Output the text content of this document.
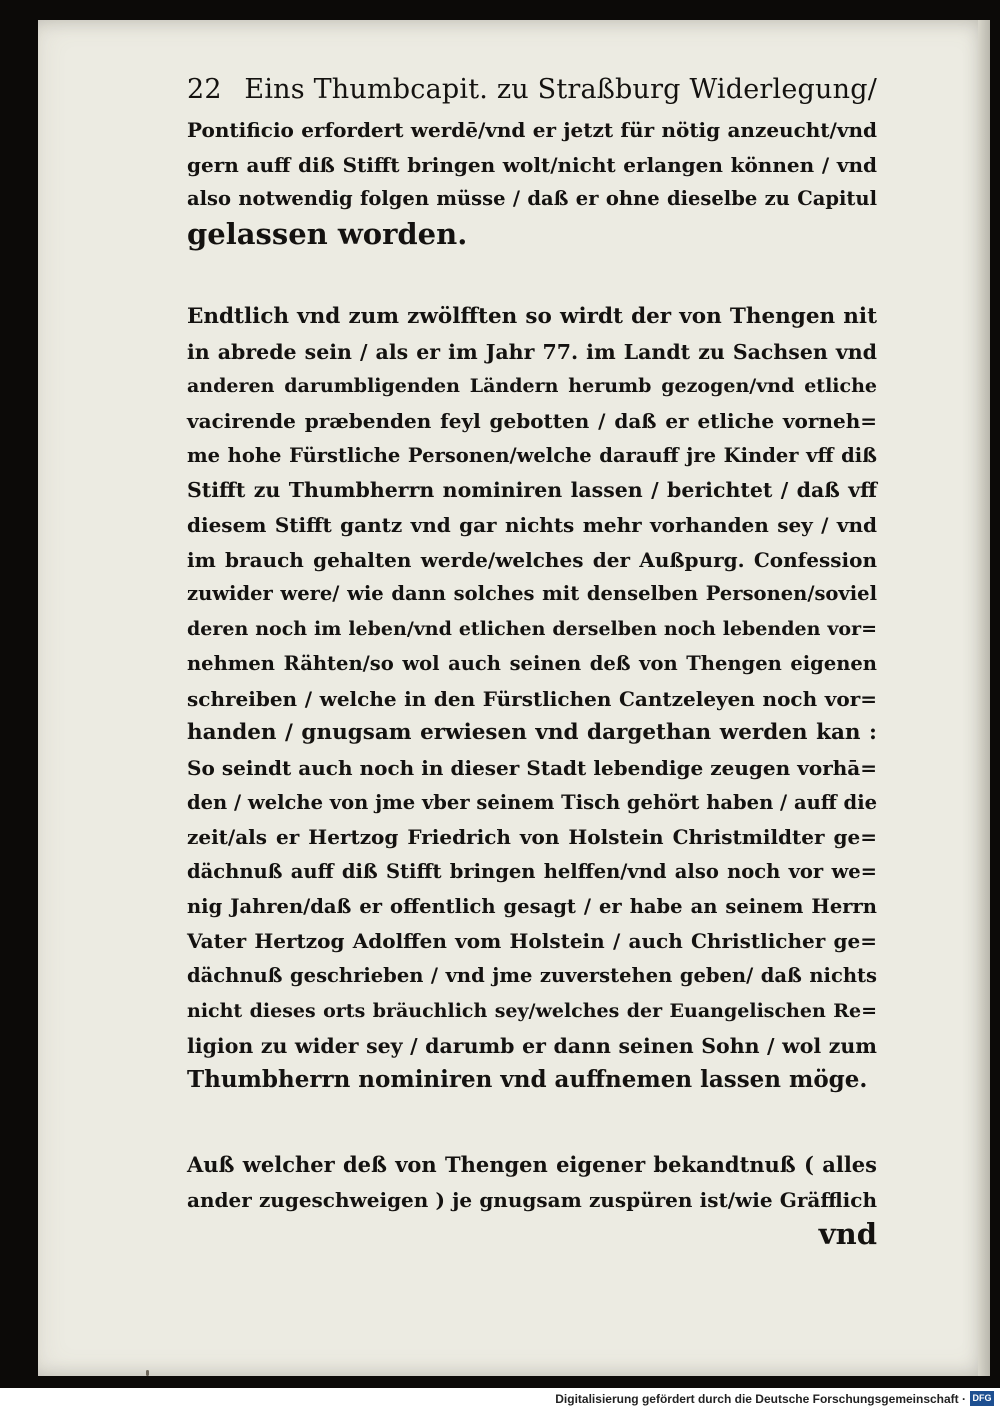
22 Eins Thumbcapit. zu Straßburg Widerlegung/
Pontificio erfordert werdē/vnd er jetzt für nötig anzeucht/vnd
gern auff diß Stifft bringen wolt/nicht erlangen können / vnd
also notwendig folgen müsse / daß er ohne dieselbe zu Capitul
gelassen worden.
Endtlich vnd zum zwölfften so wirdt der von Thengen nit
in abrede sein / als er im Jahr 77. im Landt zu Sachsen vnd
anderen darumbligenden Ländern herumb gezogen/vnd etliche
vacirende præbenden feyl gebotten / daß er etliche vorneh=
me hohe Fürstliche Personen/welche darauff jre Kinder vff diß
Stifft zu Thumbherrn nominiren lassen / berichtet / daß vff
diesem Stifft gantz vnd gar nichts mehr vorhanden sey / vnd
im brauch gehalten werde/welches der Außpurg. Confession
zuwider were/ wie dann solches mit denselben Personen/soviel
deren noch im leben/vnd etlichen derselben noch lebenden vor=
nehmen Rähten/so wol auch seinen deß von Thengen eigenen
schreiben / welche in den Fürstlichen Cantzeleyen noch vor=
handen / gnugsam erwiesen vnd dargethan werden kan :
So seindt auch noch in dieser Stadt lebendige zeugen vorhā=
den / welche von jme vber seinem Tisch gehört haben / auff die
zeit/als er Hertzog Friedrich von Holstein Christmildter ge=
dächnuß auff diß Stifft bringen helffen/vnd also noch vor we=
nig Jahren/daß er offentlich gesagt / er habe an seinem Herrn
Vater Hertzog Adolffen vom Holstein / auch Christlicher ge=
dächnuß geschrieben / vnd jme zuverstehen geben/ daß nichts
nicht dieses orts bräuchlich sey/welches der Euangelischen Re=
ligion zu wider sey / darumb er dann seinen Sohn / wol zum
Thumbherrn nominiren vnd auffnemen lassen möge.
Auß welcher deß von Thengen eigener bekandtnuß ( alles
ander zugeschweigen ) je gnugsam zuspüren ist/wie Gräfflich
vnd
Digitalisierung gefördert durch die Deutsche Forschungsgemeinschaft · DFG
